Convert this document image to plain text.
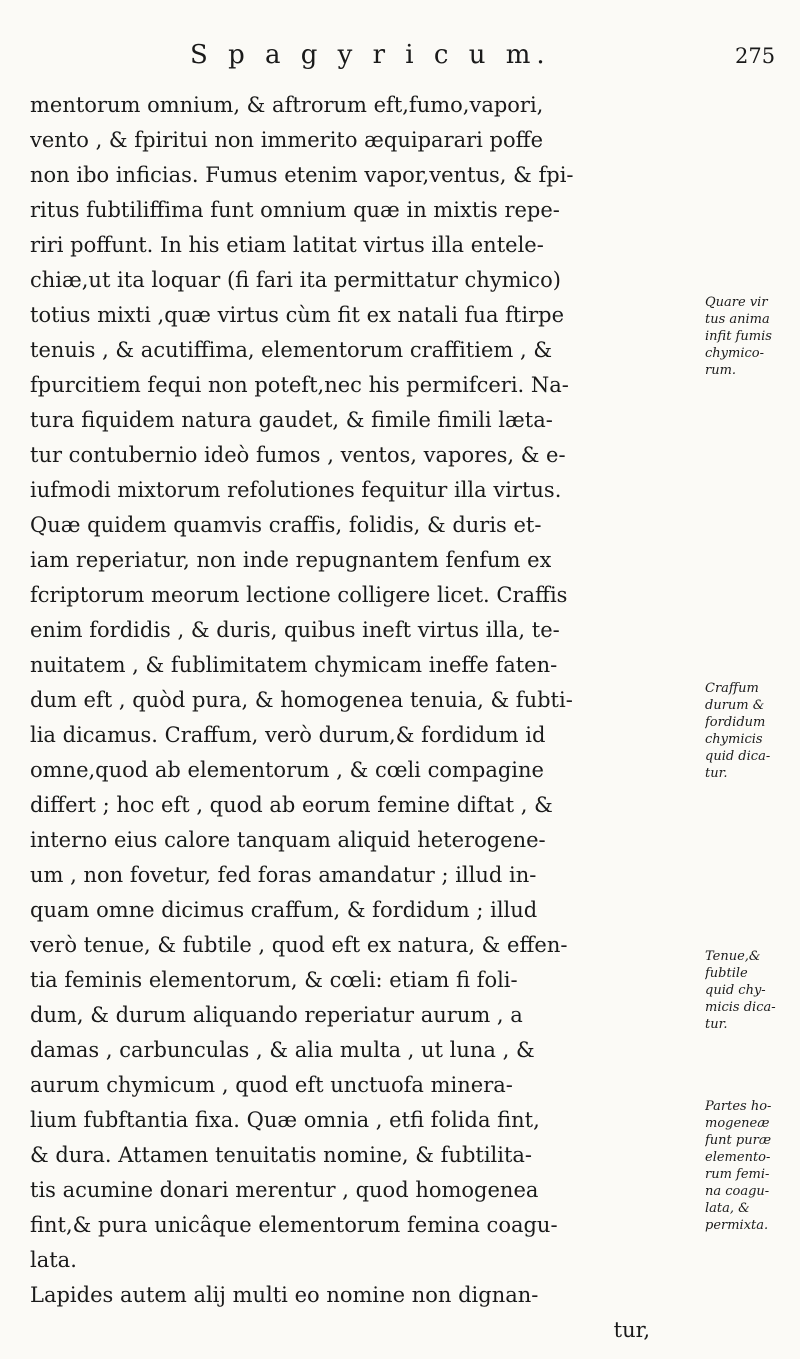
S p a g y r i c u m.	275
mentorum omnium, & aftrorum eft,fumo,vapori,
vento , & fpiritui non immerito æquiparari poffe
non ibo inficias. Fumus etenim vapor,ventus, & fpi-
ritus fubtiliffima funt omnium quæ in mixtis repe-
riri poffunt. In his etiam latitat virtus illa entele-
chiæ,ut ita loquar (fi fari ita permittatur chymico)
totius mixti ,quæ virtus cùm fit ex natali fua ftirpe
tenuis , & acutiffima, elementorum craffitiem , &
fpurcitiem fequi non poteft,nec his permifceri. Na-
tura fiquidem natura gaudet, & fimile fimili læta-
tur contubernio ideò fumos , ventos, vapores, & e-
iufmodi mixtorum refolutiones fequitur illa virtus.
Quæ quidem quamvis craffis, folidis, & duris et-
iam reperiatur, non inde repugnantem fenfum ex
fcriptorum meorum lectione colligere licet. Craffis
enim fordidis , & duris, quibus ineft virtus illa, te-
nuitatem , & fublimitatem chymicam ineffe faten-
dum eft , quòd pura, & homogenea tenuia, & fubti-
lia dicamus. Craffum, verò durum,& fordidum id
omne,quod ab elementorum , & cœli compagine
differt ; hoc eft , quod ab eorum femine diftat , &
interno eius calore tanquam aliquid heterogene-
um , non fovetur, fed foras amandatur ; illud in-
quam omne dicimus craffum, & fordidum ; illud
verò tenue, & fubtile , quod eft ex natura, & effen-
tia feminis elementorum, & cœli: etiam fi foli-
dum, & durum aliquando reperiatur aurum , a
damas , carbunculas , & alia multa , ut luna , &
aurum chymicum , quod eft unctuofa minera-
lium fubftantia fixa. Quæ omnia , etfi folida fint,
& dura. Attamen tenuitatis nomine, & fubtilita-
tis acumine donari merentur , quod homogenea
fint,& pura unicâque elementorum femina coagu-
lata.
Lapides autem alij multi eo nomine non dignan-
tur,
Quare vir
tus anima
infit fumis
chymico-
rum.
Craffum
durum &
fordidum
chymicis
quid dica-
tur.
Tenue,&
fubtile
quid chy-
micis dica-
tur.
Partes ho-
mogeneæ
funt puræ
elemento-
rum femi-
na coagu-
lata, &
permixta.
